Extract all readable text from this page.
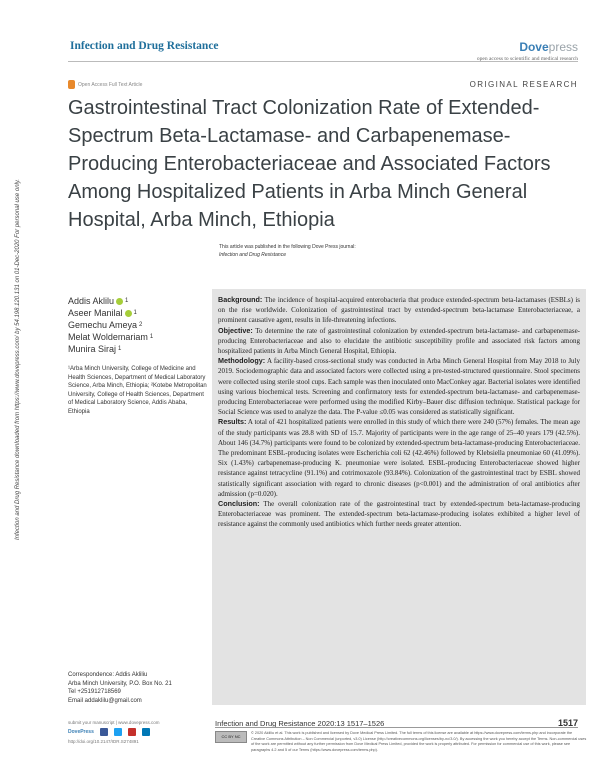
Infection and Drug Resistance	Dovepress
open access to scientific and medical research
Open Access Full Text Article	ORIGINAL RESEARCH
Gastrointestinal Tract Colonization Rate of Extended-Spectrum Beta-Lactamase- and Carbapenemase-Producing Enterobacteriaceae and Associated Factors Among Hospitalized Patients in Arba Minch General Hospital, Arba Minch, Ethiopia
Infection and Drug Resistance downloaded from https://www.dovepress.com/ by 54.198.120.131 on 01-Dec-2020 For personal use only.	This article was published in the following Dove Press journal:
Infection and Drug Resistance
Addis Aklilu 1
Aseer Manilal 1
Gemechu Ameya 2
Melat Woldemariam 1
Munira Siraj 1
¹Arba Minch University, College of Medicine and Health Sciences, Department of Medical Laboratory Science, Arba Minch, Ethiopia; ²Kotebe Metropolitan University, College of Health Sciences, Department of Medical Laboratory Science, Addis Ababa, Ethiopia
Correspondence: Addis Akliliu
Arba Minch University, P.O. Box No. 21
Tel +251912718569
Email addaklilu@gmail.com

Background: The incidence of hospital-acquired enterobacteria that produce extended-spectrum beta-lactamases (ESBLs) is on the rise worldwide. Colonization of gastrointestinal tract by extended-spectrum beta-lactamase Enterobacteriaceae, a prominent causative agent, results in life-threatening infections.

Objective: To determine the rate of gastrointestinal colonization by extended-spectrum beta-lactamase- and carbapenemase-producing Enterobacteriaceae and also to elucidate the antibiotic susceptibility profile and associated risk factors among hospitalized patients in Arba Minch General Hospital, Ethiopia.

Methodology: A facility-based cross-sectional study was conducted in Arba Minch General Hospital from May 2018 to July 2019. Sociodemographic data and associated factors were collected using a pre-tested-structured questionnaire. Stool specimens were collected using sterile stool cups. Each sample was then inoculated onto MacConkey agar. Bacterial isolates were identified using various biochemical tests. Screening and confirmatory tests for extended-spectrum beta-lactamase- and carbapenemase-producing Enterobacteriaceae were performed using the modified Kirby–Bauer disc diffusion technique. Statistical package for Social Science was used to analyze the data. The P-value ≤0.05 was considered as statistically significant.

Results: A total of 421 hospitalized patients were enrolled in this study of which there were 240 (57%) females. The mean age of the study participants was 28.8 with SD of 15.7. Majority of participants were in the age range of 25–40 years 179 (42.5%). About 146 (34.7%) participants were found to be colonized by extended-spectrum beta-lactamase-producing Enterobacteriaceae. The predominant ESBL-producing isolates were Escherichia coli 62 (42.46%) followed by Klebsiella pneumoniae 60 (41.09%). Six (1.43%) carbapenemase-producing K. pneumoniae were isolated. ESBL-producing Enterobacteriaceae showed higher resistance against tetracycline (91.1%) and cotrimoxazole (93.84%). Colonization of the gastrointestinal tract by ESBL showed statistically significant association with regard to chronic diseases (p<0.001) and the administration of oral antibiotics after admission (p=0.020).

Conclusion: The overall colonization rate of the gastrointestinal tract by extended-spectrum beta-lactamase-producing Enterobacteriaceae was prominent. The extended-spectrum beta-lactamase-producing isolates exhibited a higher level of resistance against the commonly used antibiotics which further needs greater attention.

submit your manuscript | www.dovepress.com
DovePress
http://doi.org/10.2147/IDR.S274891
Infection and Drug Resistance 2020:13 1517–1526	1517
CC BY NC
© 2020 Akliliu et al. This work is published and licensed by Dove Medical Press Limited. The full terms of this license are available at https://www.dovepress.com/terms.php and incorporate the Creative Commons Attribution – Non Commercial (unported, v3.0) License (http://creativecommons.org/licenses/by-nc/3.0/). By accessing the work you hereby accept the Terms. Non-commercial uses of the work are permitted without any further permission from Dove Medical Press Limited, provided the work is properly attributed. For permission for commercial use of this work, please see paragraphs 4.2 and 5 of our Terms (https://www.dovepress.com/terms.php).
